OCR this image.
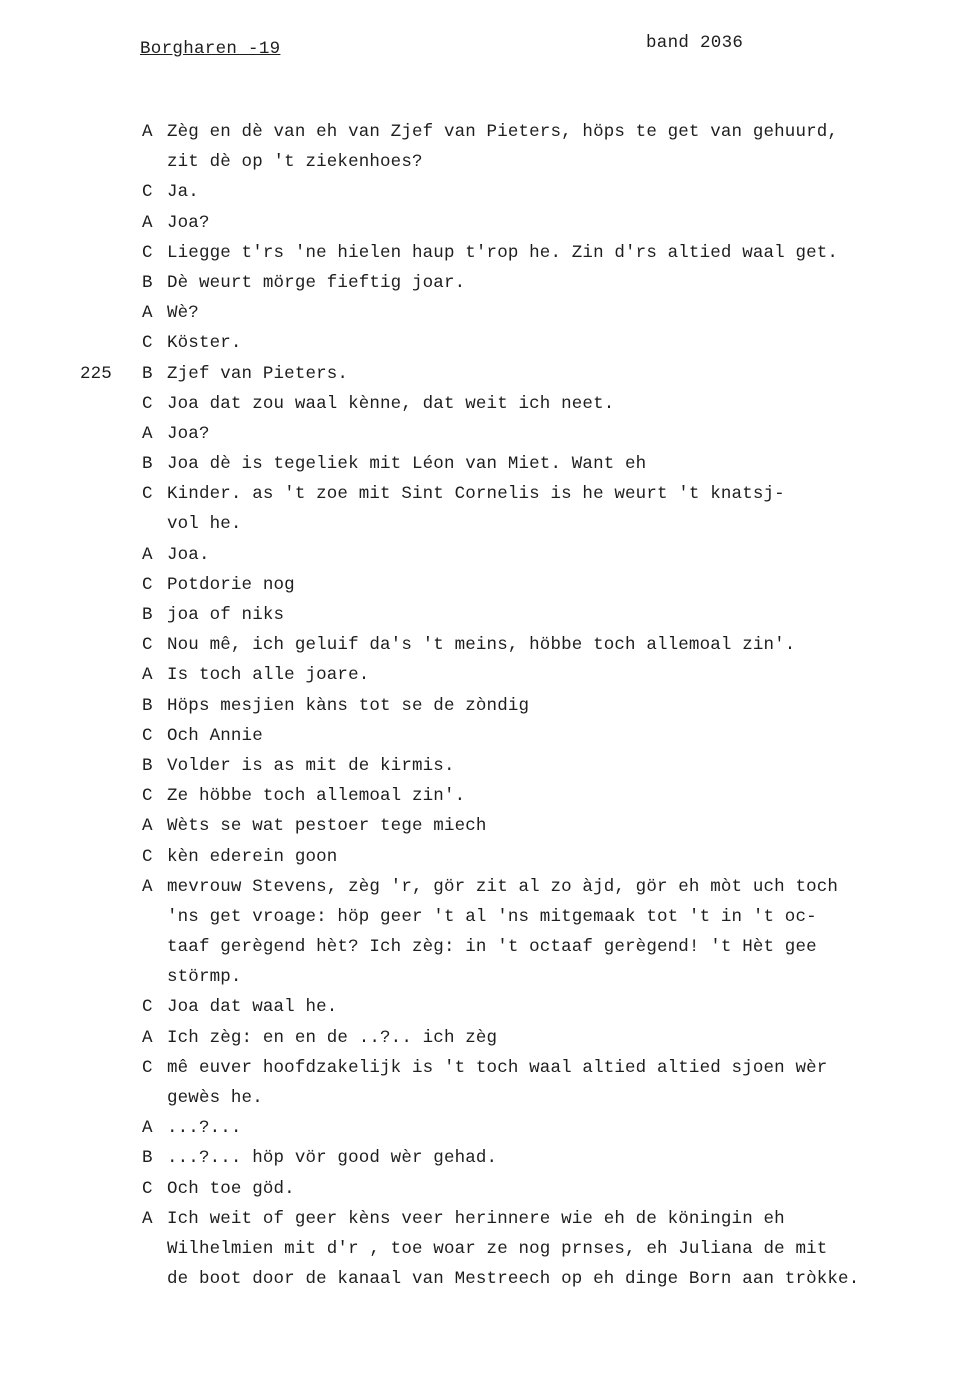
Borgharen -19	band 2036
A Zèg en dè van eh van Zjef van Pieters, höps te get van gehuurd,
zit dè op 't ziekenhoes?
C Ja.
A Joa?
C Liegge t'rs 'ne hielen haup t'rop he. Zin d'rs altied waal get.
B Dè weurt mörge fieftig joar.
A Wè?
C Köster.
225 B Zjef van Pieters.
C Joa dat zou waal kènne, dat weit ich neet.
A Joa?
B Joa dè is tegeliek mit Léon van Miet. Want eh
C Kinder. as 't zoe mit Sint Cornelis is he weurt 't knatsj-
vol he.
A Joa.
C Potdorie nog
B joa of niks
C Nou mê, ich geluif da's 't meins, höbbe toch allemoal zin'.
A Is toch alle joare.
B Höps mesjien kàns tot se de zòndig
C Och Annie
B Volder is as mit de kirmis.
C Ze höbbe toch allemoal zin'.
A Wèts se wat pestoer tege miech
C kèn ederein goon
A mevrouw Stevens, zèg 'r, gör zit al zo àjd, gör eh mòt uch toch
'ns get vroage: höp geer 't al 'ns mitgemaak tot 't in 't oc-
taaf gerègend hèt? Ich zèg: in 't octaaf gerègend! 't Hèt gee
störmp.
C Joa dat waal he.
A Ich zèg: en en de ..?.. ich zèg
C mê euver hoofdzakelijk is 't toch waal altied altied sjoen wèr
gewès he.
A ...?...
B ...?... höp vör good wèr gehad.
C Och toe göd.
A Ich weit of geer kèns veer herinnere wie eh de köningin eh
Wilhelmien mit d'r , toe woar ze nog prnses, eh Juliana de mit
de boot door de kanaal van Mestreech op eh dinge Born aan tròkke.
